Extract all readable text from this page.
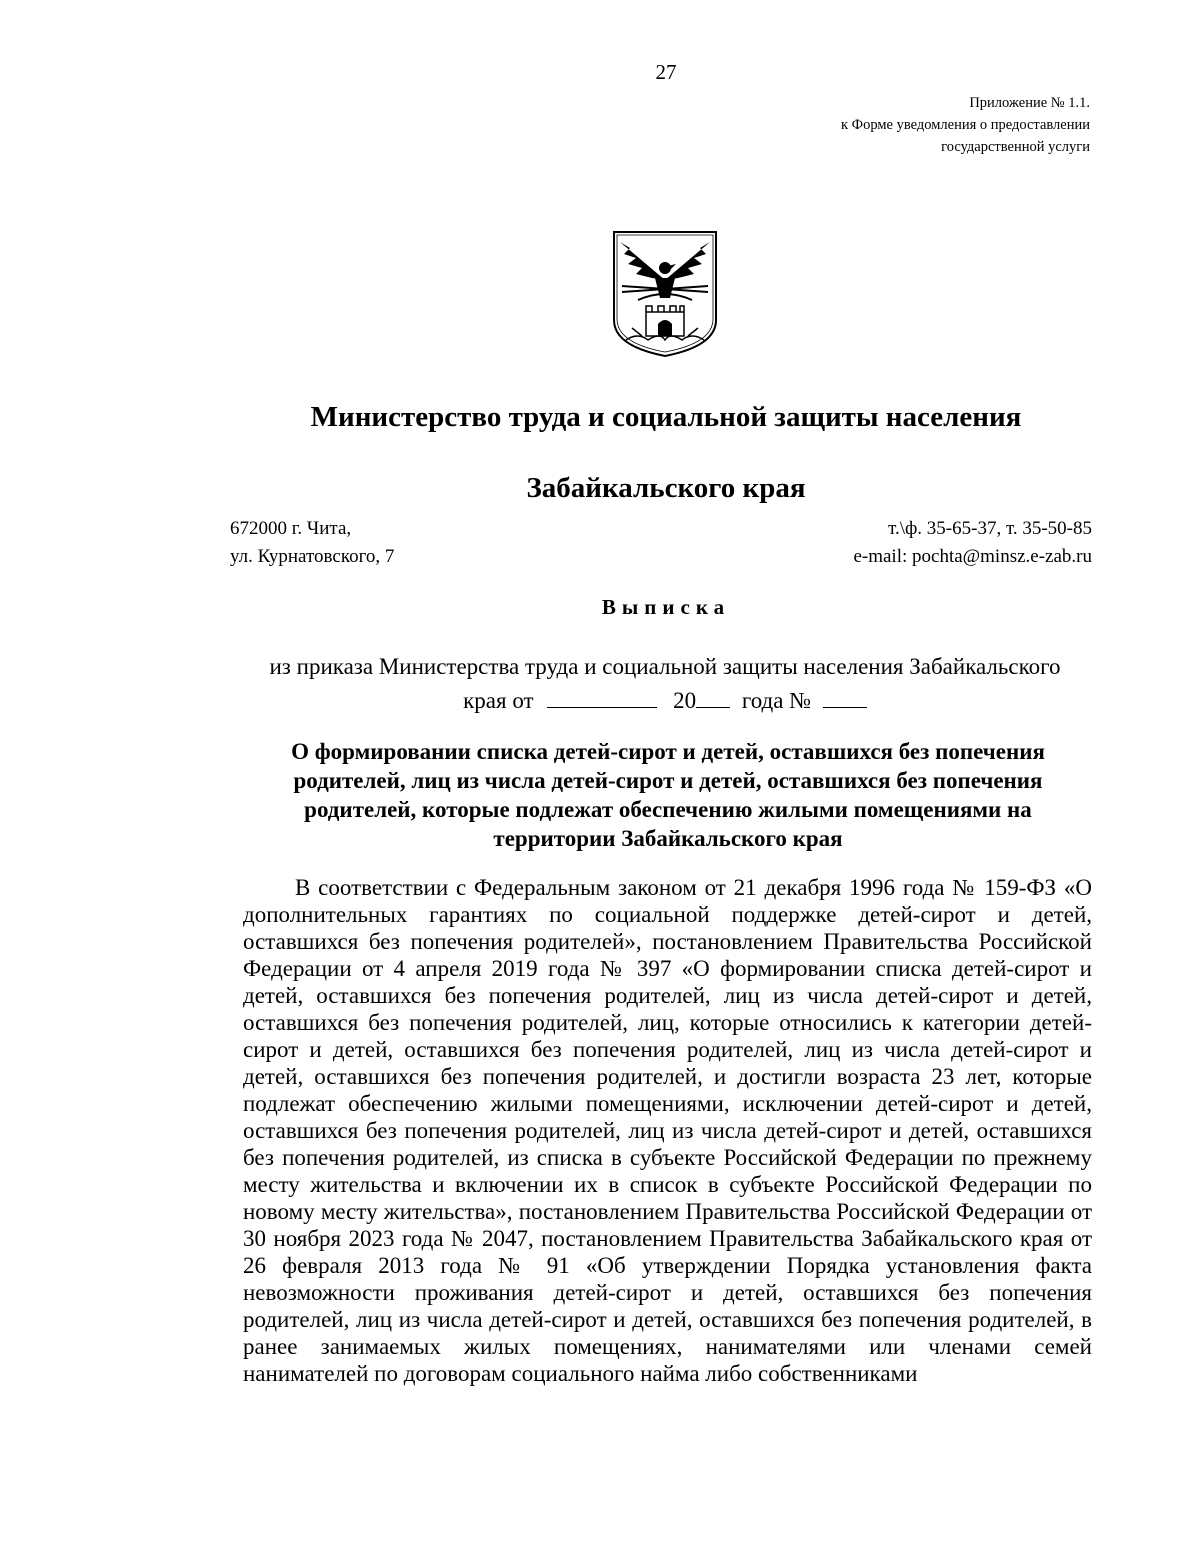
27
Приложение № 1.1.
к Форме уведомления о предоставлении
государственной услуги
Министерство труда и социальной защиты населения
Забайкальского края
672000 г. Чита,
ул. Курнатовского, 7
т.\ф. 35-65-37, т. 35-50-85
e-mail: pochta@minsz.e-zab.ru
Выписка
из приказа Министерства труда и социальной защиты населения Забайкальского
края от	20 года №
О формировании списка детей-сирот и детей, оставшихся без попечения родителей, лиц из числа детей-сирот и детей, оставшихся без попечения родителей, которые подлежат обеспечению жилыми помещениями на территории Забайкальского края

В соответствии с Федеральным законом от 21 декабря 1996 года № 159-ФЗ «О дополнительных гарантиях по социальной поддержке детей-сирот и детей, оставшихся без попечения родителей», постановлением Правительства Российской Федерации от 4 апреля 2019 года № 397 «О формировании списка детей-сирот и детей, оставшихся без попечения родителей, лиц из числа детей-сирот и детей, оставшихся без попечения родителей, лиц, которые относились к категории детей-сирот и детей, оставшихся без попечения родителей, лиц из числа детей-сирот и детей, оставшихся без попечения родителей, и достигли возраста 23 лет, которые подлежат обеспечению жилыми помещениями, исключении детей-сирот и детей, оставшихся без попечения родителей, лиц из числа детей-сирот и детей, оставшихся без попечения родителей, из списка в субъекте Российской Федерации по прежнему месту жительства и включении их в список в субъекте Российской Федерации по новому месту жительства», постановлением Правительства Российской Федерации от 30 ноября 2023 года № 2047, постановлением Правительства Забайкальского края от 26 февраля 2013 года № 91 «Об утверждении Порядка установления факта невозможности проживания детей-сирот и детей, оставшихся без попечения родителей, лиц из числа детей-сирот и детей, оставшихся без попечения родителей, в ранее занимаемых жилых помещениях, нанимателями или членами семей нанимателей по договорам социального найма либо собственниками
